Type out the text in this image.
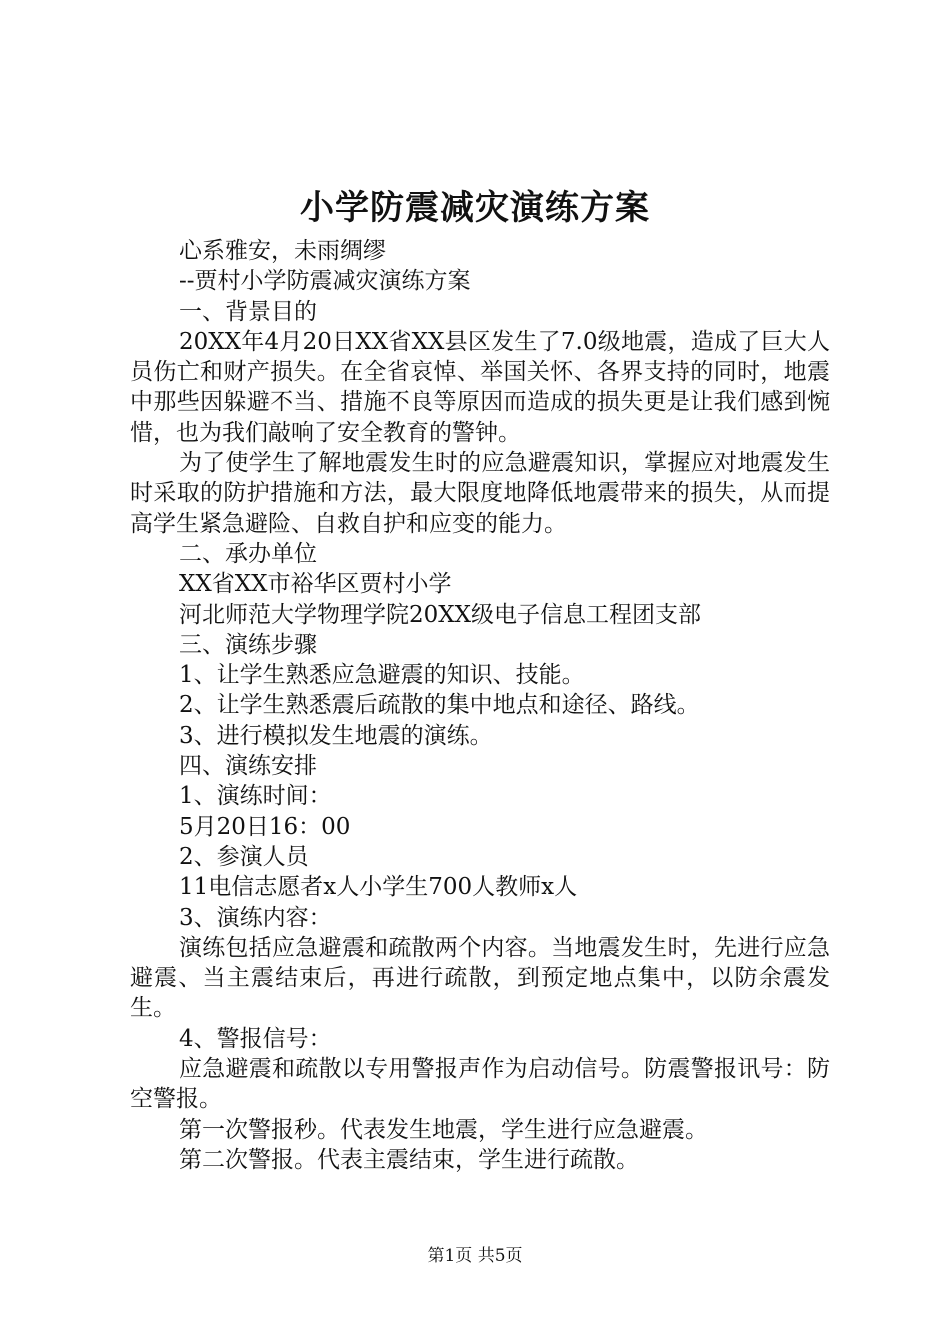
小学防震减灾演练方案

心系雅安，未雨绸缪

--贾村小学防震减灾演练方案

一、背景目的

20XX年4月20日XX省XX县区发生了7.0级地震，造成了巨大人员伤亡和财产损失。在全省哀悼、举国关怀、各界支持的同时，地震中那些因躲避不当、措施不良等原因而造成的损失更是让我们感到惋惜，也为我们敲响了安全教育的警钟。

为了使学生了解地震发生时的应急避震知识，掌握应对地震发生时采取的防护措施和方法，最大限度地降低地震带来的损失，从而提高学生紧急避险、自救自护和应变的能力。

二、承办单位

XX省XX市裕华区贾村小学

河北师范大学物理学院20XX级电子信息工程团支部

三、演练步骤

1、让学生熟悉应急避震的知识、技能。

2、让学生熟悉震后疏散的集中地点和途径、路线。

3、进行模拟发生地震的演练。

四、演练安排

1、演练时间：

5月20日16：00

2、参演人员

11电信志愿者x人小学生700人教师x人

3、演练内容：

演练包括应急避震和疏散两个内容。当地震发生时，先进行应急避震、当主震结束后，再进行疏散，到预定地点集中，以防余震发生。

4、警报信号：

应急避震和疏散以专用警报声作为启动信号。防震警报讯号：防空警报。

第一次警报秒。代表发生地震，学生进行应急避震。

第二次警报。代表主震结束，学生进行疏散。

第1页 共5页
